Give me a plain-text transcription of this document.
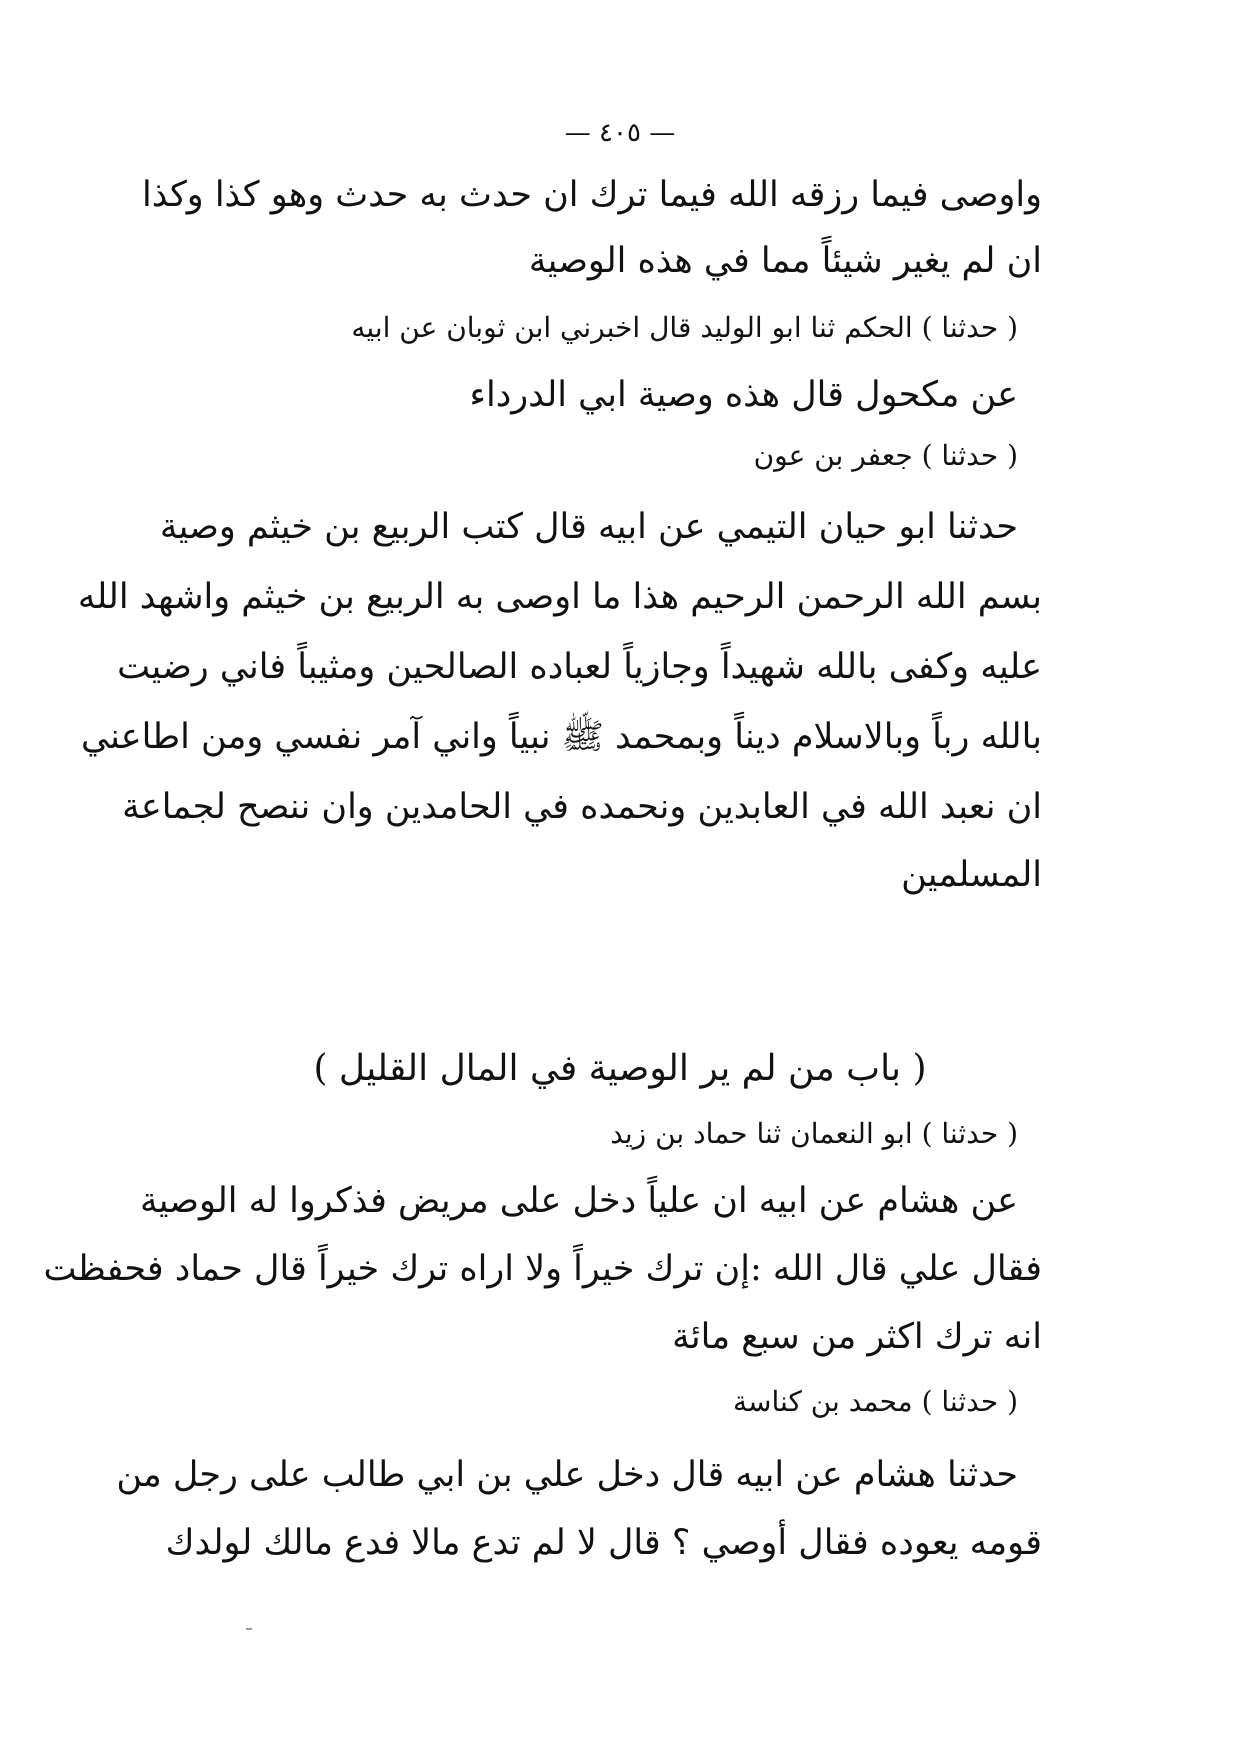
— ٤٠٥ —
واوصى فيما رزقه الله فيما ترك ان حدث به حدث وهو كذا وكذا
ان لم يغير شيئاً مما في هذه الوصية
( حدثنا ) الحكم ثنا ابو الوليد قال اخبرني ابن ثوبان عن ابيه
عن مكحول قال هذه وصية ابي الدرداء
( حدثنا ) جعفر بن عون
حدثنا ابو حيان التيمي عن ابيه قال كتب الربيع بن خيثم وصية
بسم الله الرحمن الرحيم هذا ما اوصى به الربيع بن خيثم واشهد الله
عليه وكفى بالله شهيداً وجازياً لعباده الصالحين ومثيباً فاني رضيت
بالله رباً وبالاسلام ديناً وبمحمد ﷺ نبياً واني آمر نفسي ومن اطاعني
ان نعبد الله في العابدين ونحمده في الحامدين وان ننصح لجماعة
المسلمين
( باب من لم ير الوصية في المال القليل )
( حدثنا ) ابو النعمان ثنا حماد بن زيد
عن هشام عن ابيه ان علياً دخل على مريض فذكروا له الوصية
فقال علي قال الله :إن ترك خيراً ولا اراه ترك خيراً قال حماد فحفظت
انه ترك اكثر من سبع مائة
( حدثنا ) محمد بن كناسة
حدثنا هشام عن ابيه قال دخل علي بن ابي طالب على رجل من
قومه يعوده فقال أوصي ؟ قال لا لم تدع مالا فدع مالك لولدك
